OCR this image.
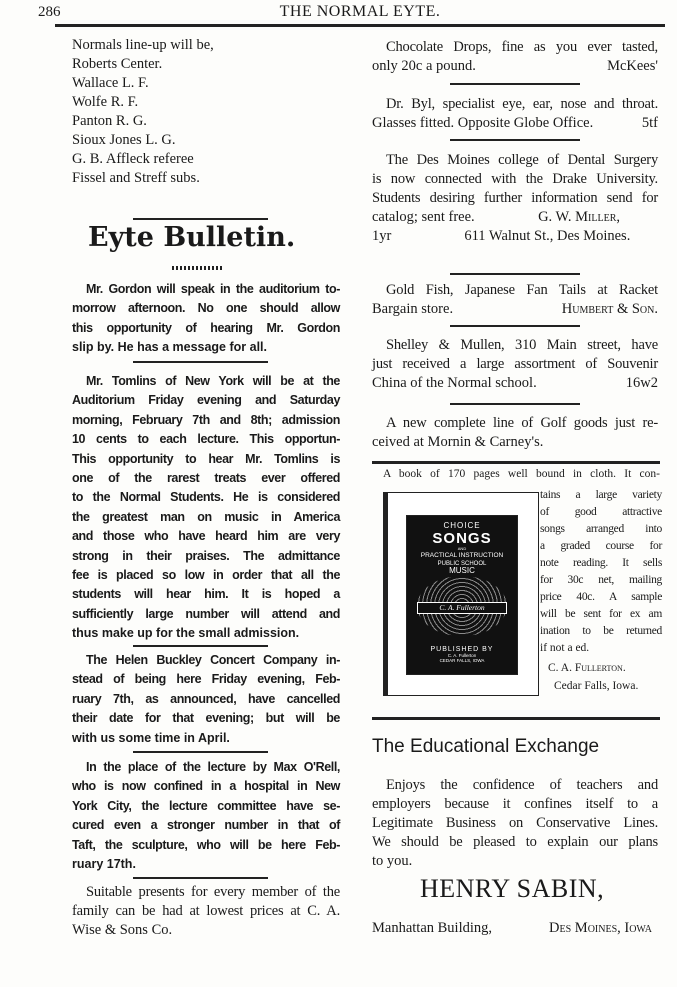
286	THE NORMAL EYTE.
Normals line-up will be,
Roberts Center.
Wallace L. F.
Wolfe R. F.
Panton R. G.
Sioux Jones L. G.
G. B. Affleck referee
Fissel and Streff subs.
Eyte Bulletin.
Mr. Gordon will speak in the auditorium to-
morrow afternoon. No one should allow
this opportunity of hearing Mr. Gordon
slip by. He has a message for all.
Mr. Tomlins of New York will be at the
Auditorium Friday evening and Saturday
morning, February 7th and 8th; admission
10 cents to each lecture. This opportun-
This opportunity to hear Mr. Tomlins is
one of the rarest treats ever offered
to the Normal Students. He is considered
the greatest man on music in America
and those who have heard him are very
strong in their praises. The admittance
fee is placed so low in order that all the
students will hear him. It is hoped a
sufficiently large number will attend and
thus make up for the small admission.
The Helen Buckley Concert Company in-
stead of being here Friday evening, Feb-
ruary 7th, as announced, have cancelled
their date for that evening; but will be
with us some time in April.
In the place of the lecture by Max O'Rell,
who is now confined in a hospital in New
York City, the lecture committee have se-
cured even a stronger number in that of
Taft, the sculpture, who will be here Feb-
ruary 17th.
Suitable presents for every member of the
family can be had at lowest prices at C. A.
Wise & Sons Co.
Chocolate Drops, fine as you ever tasted,
only 20c a pound.	McKees'
Dr. Byl, specialist eye, ear, nose and throat.
Glasses fitted. Opposite Globe Office.	5tf
The Des Moines college of Dental Surgery
is now connected with the Drake University.
Students desiring further information send for
catalog; sent free.	G. W. Miller,
1yr	611 Walnut St., Des Moines.
Gold Fish, Japanese Fan Tails at Racket
Bargain store.	Humbert & Son.
Shelley & Mullen, 310 Main street, have
just received a large assortment of Souvenir
China of the Normal school.	16w2
A new complete line of Golf goods just re-
ceived at Mornin & Carney's.
A book of 170 pages well bound in cloth. It con-
CHOICE
SONGS
AND
PRACTICAL INSTRUCTION
PUBLIC SCHOOL
MUSIC
C. A. Fullerton
PUBLISHED BY
C. A. Fullerton
CEDAR FALLS, IOWA
tains a large variety
of good attractive
songs arranged into
a graded course for
note reading. It sells
for 30c net, mailing
price 40c. A sample
will be sent for ex am
ination to be returned
if not a ed.
C. A. Fullerton.
Cedar Falls, Iowa.
The Educational Exchange
Enjoys the confidence of teachers and
employers because it confines itself to a
Legitimate Business on Conservative Lines.
We should be pleased to explain our plans
to you.
HENRY SABIN,
Manhattan Building,	Des Moines, Iowa
